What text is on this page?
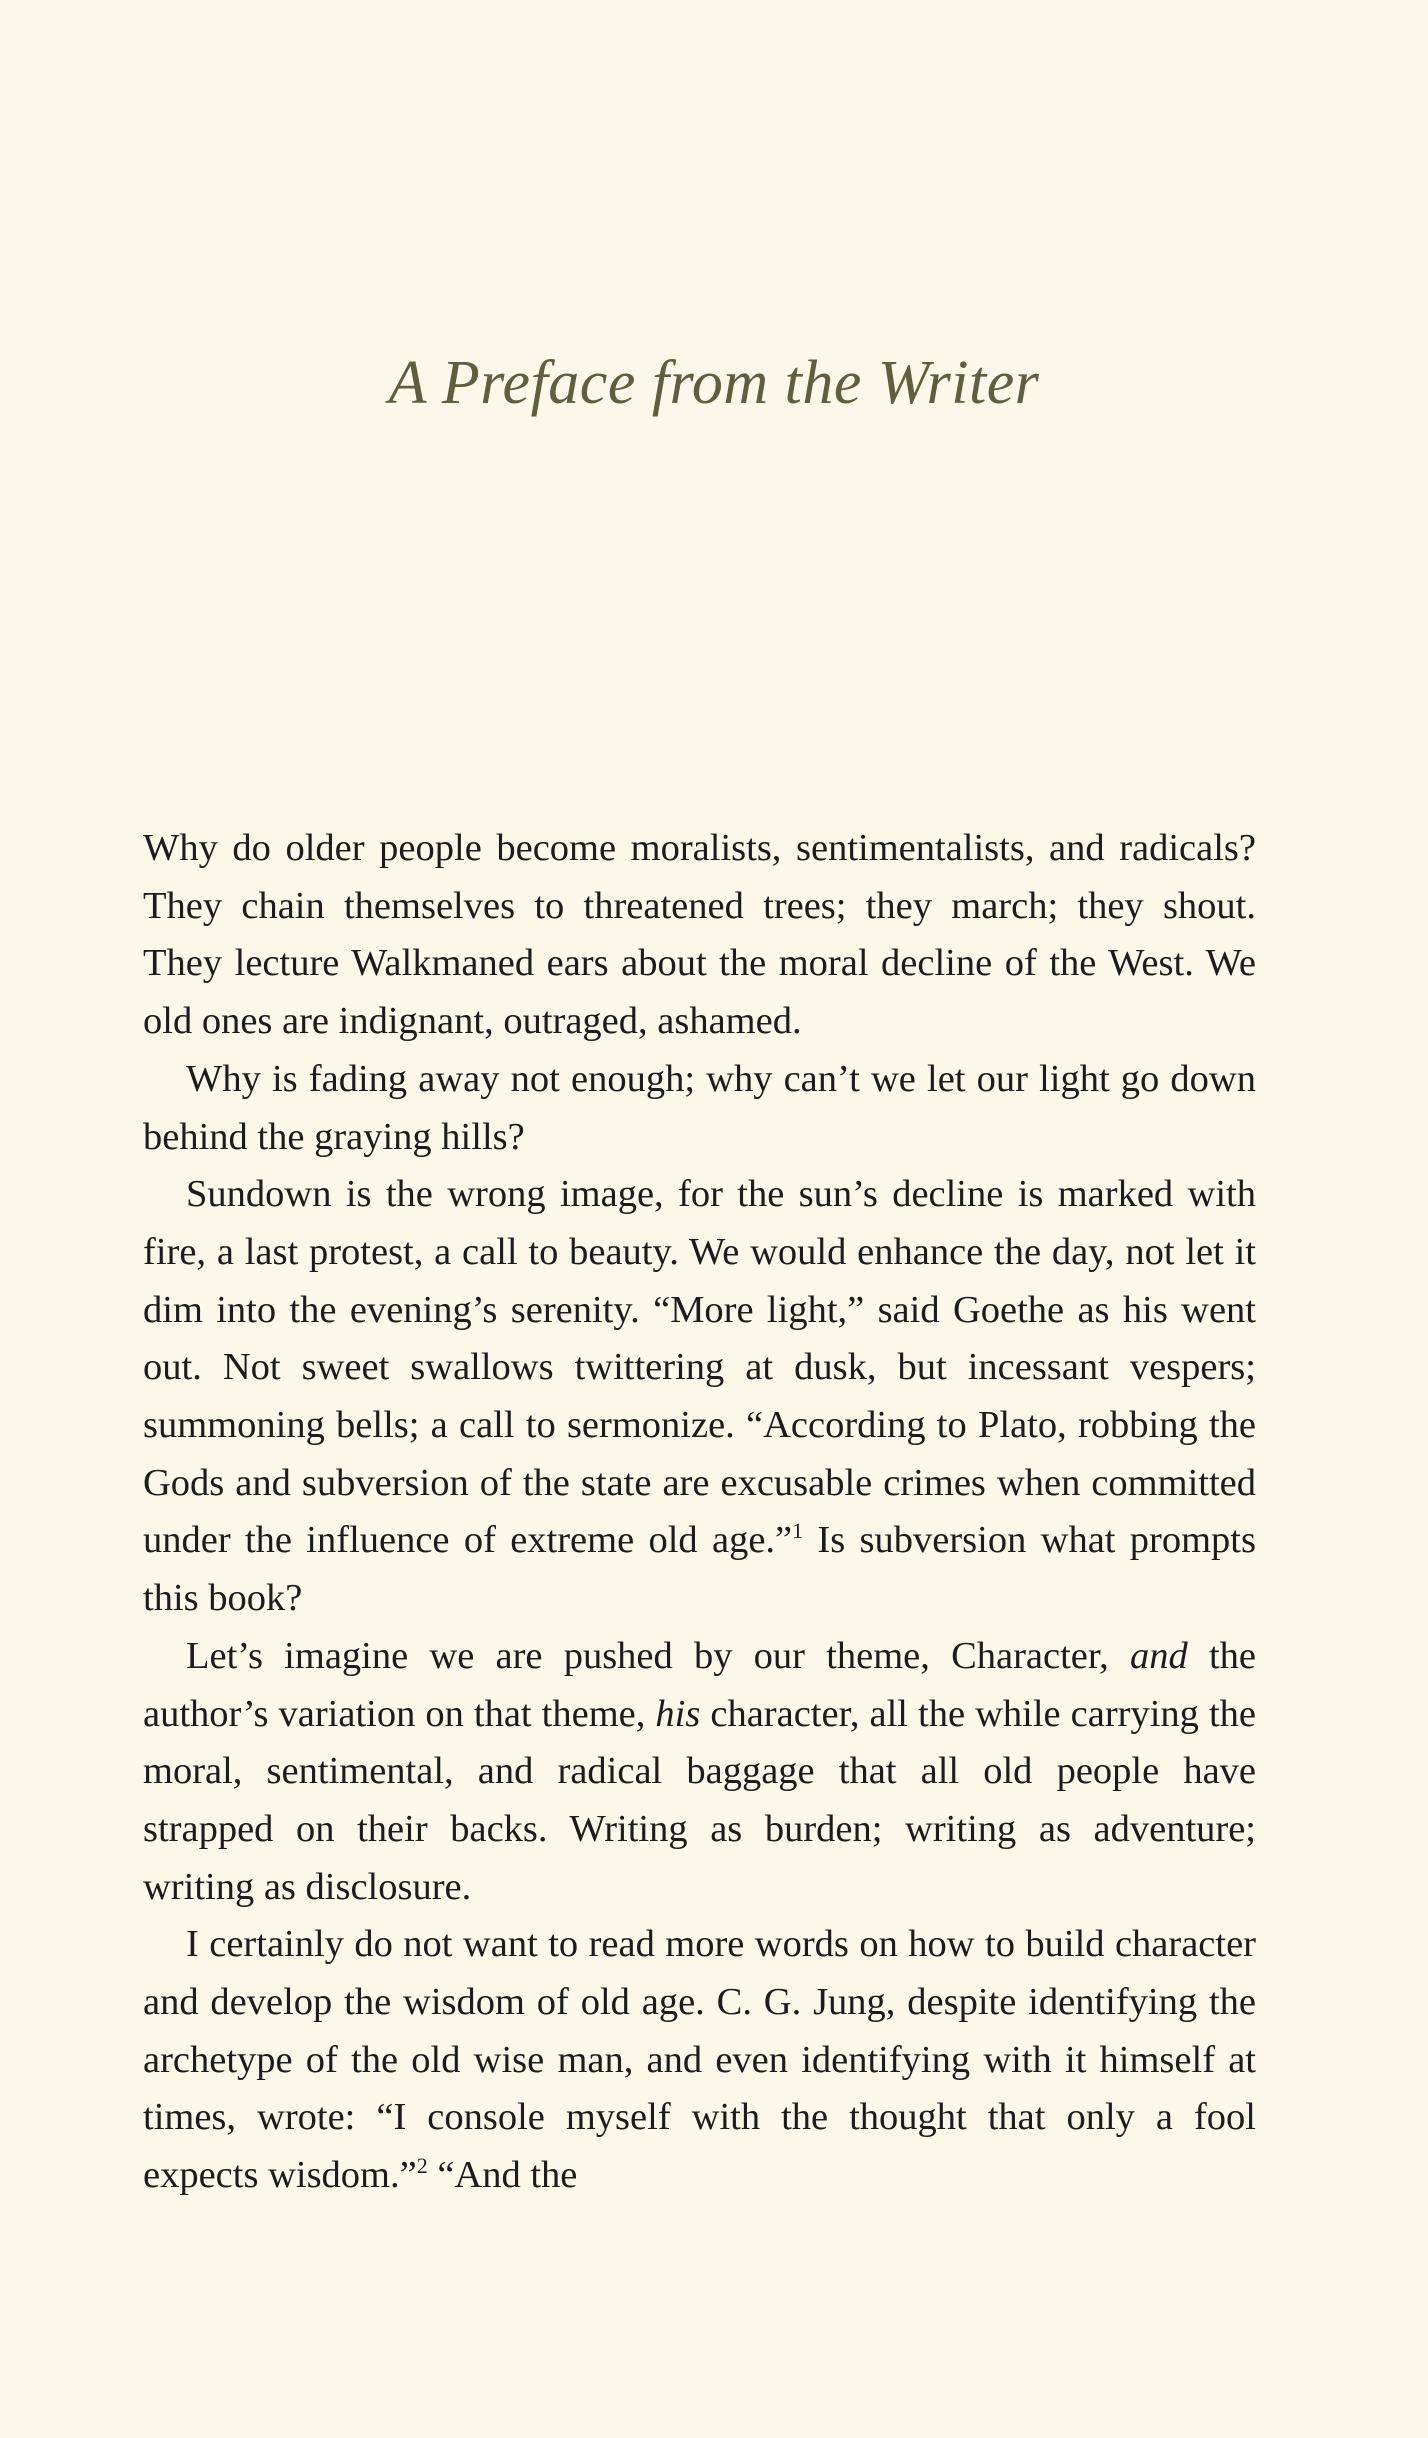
A Preface from the Writer

Why do older people become moralists, sentimentalists, and radicals? They chain themselves to threatened trees; they march; they shout. They lecture Walkmaned ears about the moral decline of the West. We old ones are indignant, outraged, ashamed.

Why is fading away not enough; why can’t we let our light go down behind the graying hills?

Sundown is the wrong image, for the sun’s decline is marked with fire, a last protest, a call to beauty. We would enhance the day, not let it dim into the evening’s serenity. “More light,” said Goethe as his went out. Not sweet swallows twittering at dusk, but incessant vespers; summoning bells; a call to sermonize. “According to Plato, robbing the Gods and subversion of the state are excusable crimes when committed under the influence of extreme old age.”$^1$ Is subversion what prompts this book?

Let’s imagine we are pushed by our theme, Character, and the author’s variation on that theme, his character, all the while carrying the moral, sentimental, and radical baggage that all old people have strapped on their backs. Writing as burden; writing as adventure; writing as disclosure.

I certainly do not want to read more words on how to build character and develop the wisdom of old age. C. G. Jung, despite identifying the archetype of the old wise man, and even identifying with it himself at times, wrote: “I console myself with the thought that only a fool expects wisdom.”$^2$ “And the
